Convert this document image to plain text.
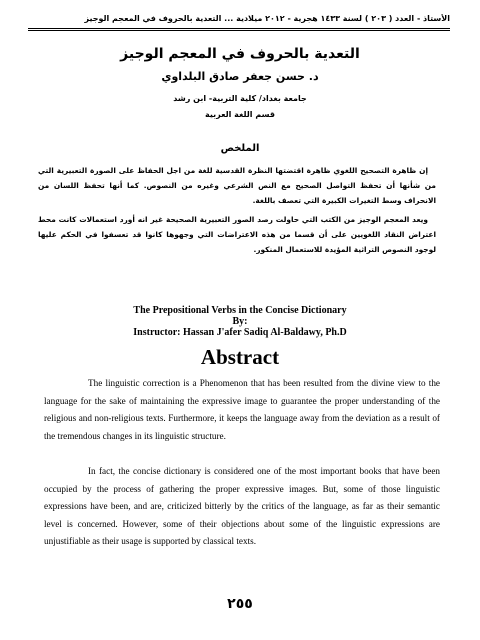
الأستاذ - العدد ( ٢٠٣ ) لسنة ١٤٣٣ هجرية - ٢٠١٢ ميلادية ... التعدية بالحروف في المعجم الوجيز
التعدية بالحروف في المعجم الوجيز
د. حسن جعفر صادق البلداوي
جامعة بغداد/ كلية التربية- ابن رشد
قسم اللغة العربية
الملخص
إن ظاهرة التصحيح اللغوي ظاهرة اقتضتها النظرة القدسية للغة من اجل الحفاظ على الصورة التعبيرية التي من شأنها أن تحفظ التواصل الصحيح مع النص الشرعي وغيره من النصوص. كما أنها تحفظ اللسان من الانحراف وسط التغيرات الكبيرة التي تعصف باللغة.
ويعد المعجم الوجيز من الكتب التي حاولت رصد الصور التعبيرية الصحيحة غير انه أورد استعمالات كانت محط اعتراض النقاد اللغويين على أن قسما من هذه الاعتراضات التي وجهوها كانوا قد تعسفوا في الحكم عليها لوجود النصوص التراثية المؤيدة للاستعمال المنكور.
The Prepositional Verbs in the Concise Dictionary
By:
Instructor: Hassan J'afer Sadiq Al-Baldawy, Ph.D
Abstract
The linguistic correction is a Phenomenon that has been resulted from the divine view to the language for the sake of maintaining the expressive image to guarantee the proper understanding of the religious and non-religious texts. Furthermore, it keeps the language away from the deviation as a result of the tremendous changes in its linguistic structure.
In fact, the concise dictionary is considered one of the most important books that have been occupied by the process of gathering the proper expressive images. But, some of those linguistic expressions have been, and are, criticized bitterly by the critics of the language, as far as their semantic level is concerned. However, some of their objections about some of the linguistic expressions are unjustifiable as their usage is supported by classical texts.
٢٥٥
